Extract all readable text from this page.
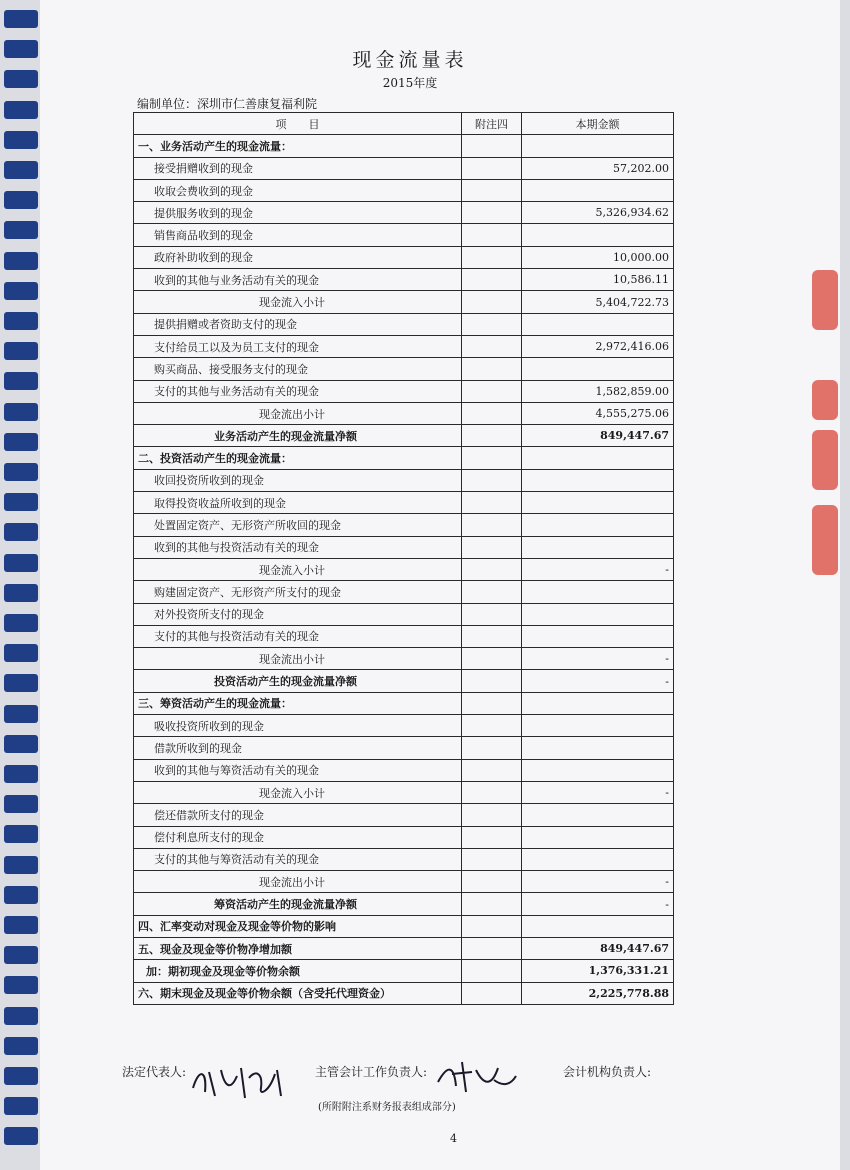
现金流量表
2015年度
编制单位：深圳市仁善康复福利院
项　　目	附注四	本期金额
一、业务活动产生的现金流量：		
接受捐赠收到的现金		57,202.00
收取会费收到的现金		
提供服务收到的现金		5,326,934.62
销售商品收到的现金		
政府补助收到的现金		10,000.00
收到的其他与业务活动有关的现金		10,586.11
现金流入小计		5,404,722.73
提供捐赠或者资助支付的现金		
支付给员工以及为员工支付的现金		2,972,416.06
购买商品、接受服务支付的现金		
支付的其他与业务活动有关的现金		1,582,859.00
现金流出小计		4,555,275.06
业务活动产生的现金流量净额		849,447.67
二、投资活动产生的现金流量：		
收回投资所收到的现金		
取得投资收益所收到的现金		
处置固定资产、无形资产所收回的现金		
收到的其他与投资活动有关的现金		
现金流入小计		-
购建固定资产、无形资产所支付的现金		
对外投资所支付的现金		
支付的其他与投资活动有关的现金		
现金流出小计		-
投资活动产生的现金流量净额		-
三、筹资活动产生的现金流量：		
吸收投资所收到的现金		
借款所收到的现金		
收到的其他与筹资活动有关的现金		
现金流入小计		-
偿还借款所支付的现金		
偿付利息所支付的现金		
支付的其他与筹资活动有关的现金		
现金流出小计		-
筹资活动产生的现金流量净额		-
四、汇率变动对现金及现金等价物的影响		
五、现金及现金等价物净增加额		849,447.67
加：期初现金及现金等价物余额		1,376,331.21
六、期末现金及现金等价物余额（含受托代理资金）		2,225,778.88
法定代表人:	主管会计工作负责人:	会计机构负责人:
(所附附注系财务报表组成部分)
4
